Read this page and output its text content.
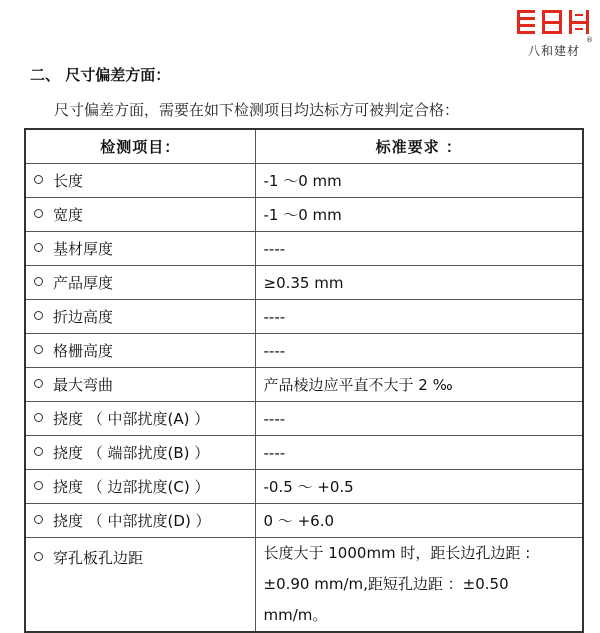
®
八和建材
二、 尺寸偏差方面：
尺寸偏差方面，需要在如下检测项目均达标方可被判定合格：
检测项目：	标准要求 ：
长度	-1 ～0 mm
宽度	-1 ～0 mm
基材厚度	----
产品厚度	≥0.35 mm
折边高度	----
格栅高度	----
最大弯曲	产品棱边应平直不大于 2 ‰
挠度 （ 中部扰度(A) ）	----
挠度 （ 端部扰度(B) ）	----
挠度 （ 边部扰度(C) ）	-0.5 ～ +0.5
挠度 （ 中部扰度(D) ）	0 ～ +6.0
穿孔板孔边距	长度大于 1000mm 时，距长边孔边距 :±0.90 mm/m,距短孔边距 ：±0.50 mm/m。
